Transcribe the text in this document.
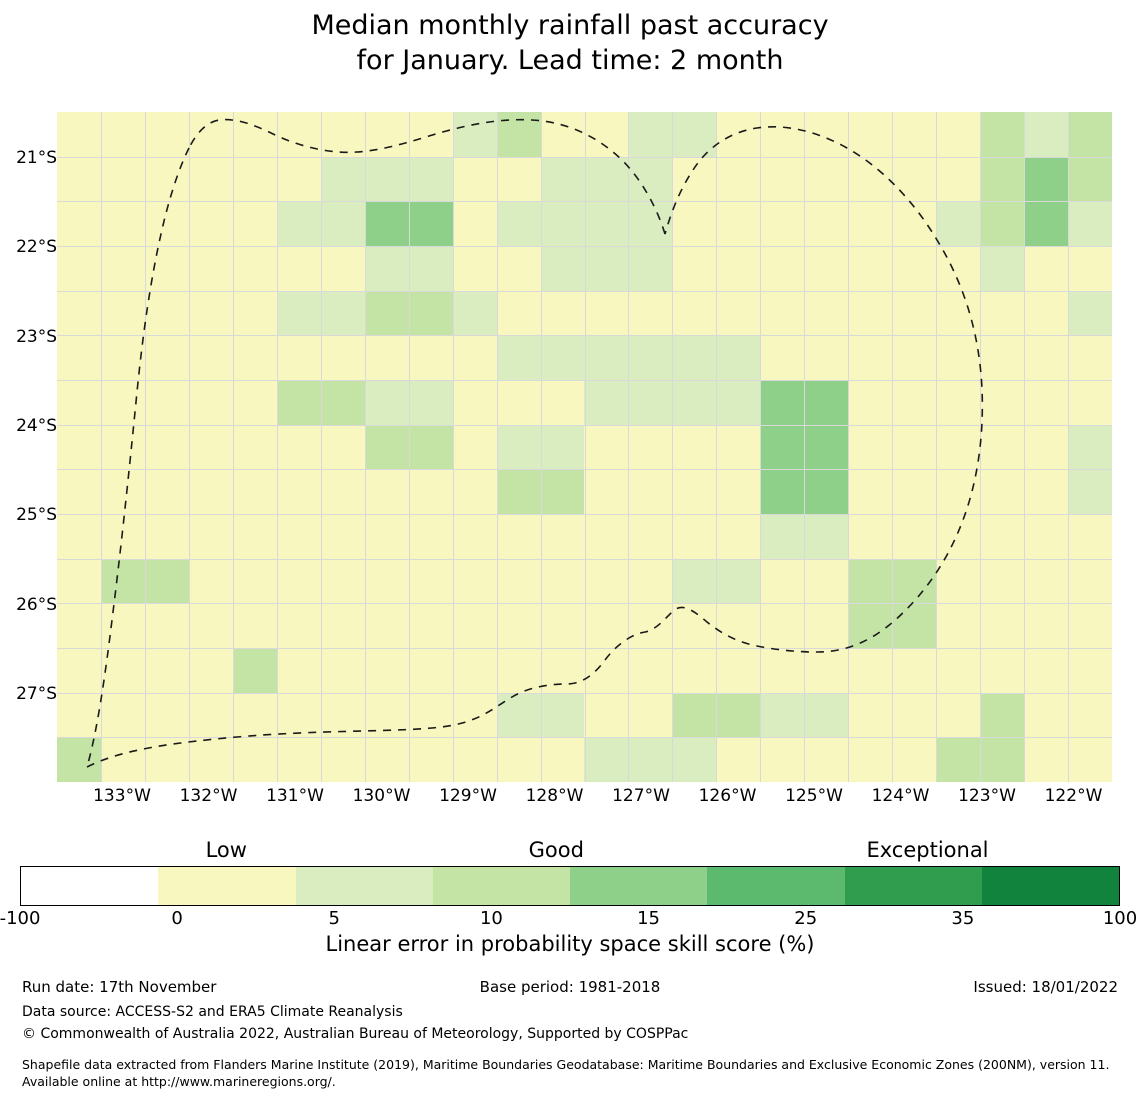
Median monthly rainfall past accuracy
for January. Lead time: 2 month
21°S
22°S
23°S
24°S
25°S
26°S
27°S
133°W 132°W 131°W 130°W 129°W 128°W 127°W 126°W 125°W 124°W 123°W 122°W
Low	Good	Exceptional
-100	0	5	10	15	25	35	100
Linear error in probability space skill score (%)
Run date: 17th November	Base period: 1981-2018	Issued: 18/01/2022
Data source: ACCESS-S2 and ERA5 Climate Reanalysis
© Commonwealth of Australia 2022, Australian Bureau of Meteorology, Supported by COSPPac
Shapefile data extracted from Flanders Marine Institute (2019), Maritime Boundaries Geodatabase: Maritime Boundaries and Exclusive Economic Zones (200NM), version 11. Available online at http://www.marineregions.org/.
